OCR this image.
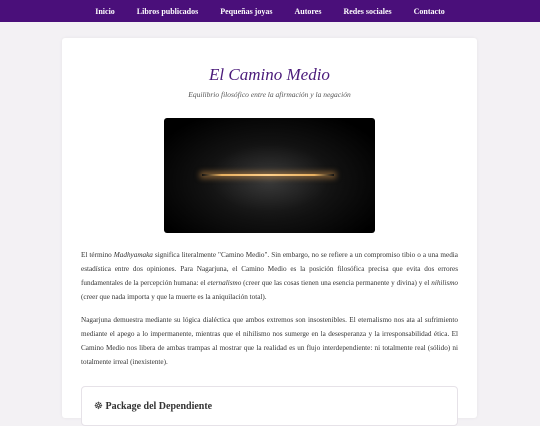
Inicio	Libros publicados	Pequeñas joyas	Autores	Redes sociales	Contacto
El Camino Medio

Equilibrio filosófico entre la afirmación y la negación

El término Madhyamaka significa literalmente "Camino Medio". Sin embargo, no se refiere a un compromiso tibio o a una media estadística entre dos opiniones. Para Nagarjuna, el Camino Medio es la posición filosófica precisa que evita dos errores fundamentales de la percepción humana: el eternalismo (creer que las cosas tienen una esencia permanente y divina) y el nihilismo (creer que nada importa y que la muerte es la aniquilación total).

Nagarjuna demuestra mediante su lógica dialéctica que ambos extremos son insostenibles. El eternalismo nos ata al sufrimiento mediante el apego a lo impermanente, mientras que el nihilismo nos sumerge en la desesperanza y la irresponsabilidad ética. El Camino Medio nos libera de ambas trampas al mostrar que la realidad es un flujo interdependiente: ni totalmente real (sólido) ni totalmente irreal (inexistente).

☸ Package del Dependiente
